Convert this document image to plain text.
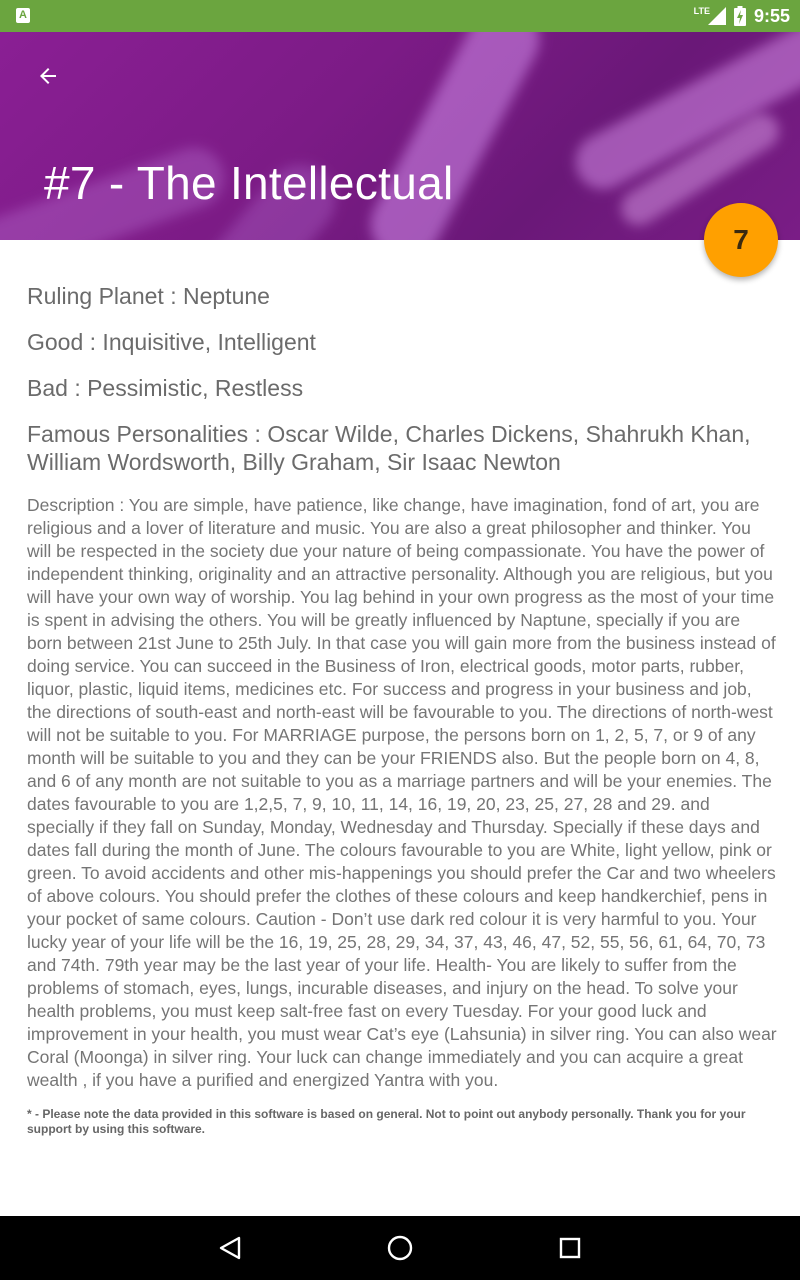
A	LTE 9:55
#7 - The Intellectual
7
Ruling Planet : Neptune
Good : Inquisitive, Intelligent
Bad : Pessimistic, Restless
Famous Personalities : Oscar Wilde, Charles Dickens, Shahrukh Khan, William Wordsworth, Billy Graham, Sir Isaac Newton
Description : You are simple, have patience, like change, have imagination, fond of art, you are religious and a lover of literature and music. You are also a great philosopher and thinker. You will be respected in the society due your nature of being compassionate. You have the power of independent thinking, originality and an attractive personality. Although you are religious, but you will have your own way of worship. You lag behind in your own progress as the most of your time is spent in advising the others. You will be greatly influenced by Naptune, specially if you are born between 21st June to 25th July. In that case you will gain more from the business instead of doing service. You can succeed in the Business of Iron, electrical goods, motor parts, rubber, liquor, plastic, liquid items, medicines etc. For success and progress in your business and job, the directions of south-east and north-east will be favourable to you. The directions of north-west will not be suitable to you. For MARRIAGE purpose, the persons born on 1, 2, 5, 7, or 9 of any month will be suitable to you and they can be your FRIENDS also. But the people born on 4, 8, and 6 of any month are not suitable to you as a marriage partners and will be your enemies. The dates favourable to you are 1,2,5, 7, 9, 10, 11, 14, 16, 19, 20, 23, 25, 27, 28 and 29. and specially if they fall on Sunday, Monday, Wednesday and Thursday. Specially if these days and dates fall during the month of June. The colours favourable to you are White, light yellow, pink or green. To avoid accidents and other mis-happenings you should prefer the Car and two wheelers of above colours. You should prefer the clothes of these colours and keep handkerchief, pens in your pocket of same colours. Caution - Don’t use dark red colour it is very harmful to you. Your lucky year of your life will be the 16, 19, 25, 28, 29, 34, 37, 43, 46, 47, 52, 55, 56, 61, 64, 70, 73 and 74th. 79th year may be the last year of your life. Health- You are likely to suffer from the problems of stomach, eyes, lungs, incurable diseases, and injury on the head. To solve your health problems, you must keep salt-free fast on every Tuesday. For your good luck and improvement in your health, you must wear Cat’s eye (Lahsunia) in silver ring. You can also wear Coral (Moonga) in silver ring. Your luck can change immediately and you can acquire a great wealth , if you have a purified and energized Yantra with you.
* - Please note the data provided in this software is based on general. Not to point out anybody personally. Thank you for your support by using this software.
